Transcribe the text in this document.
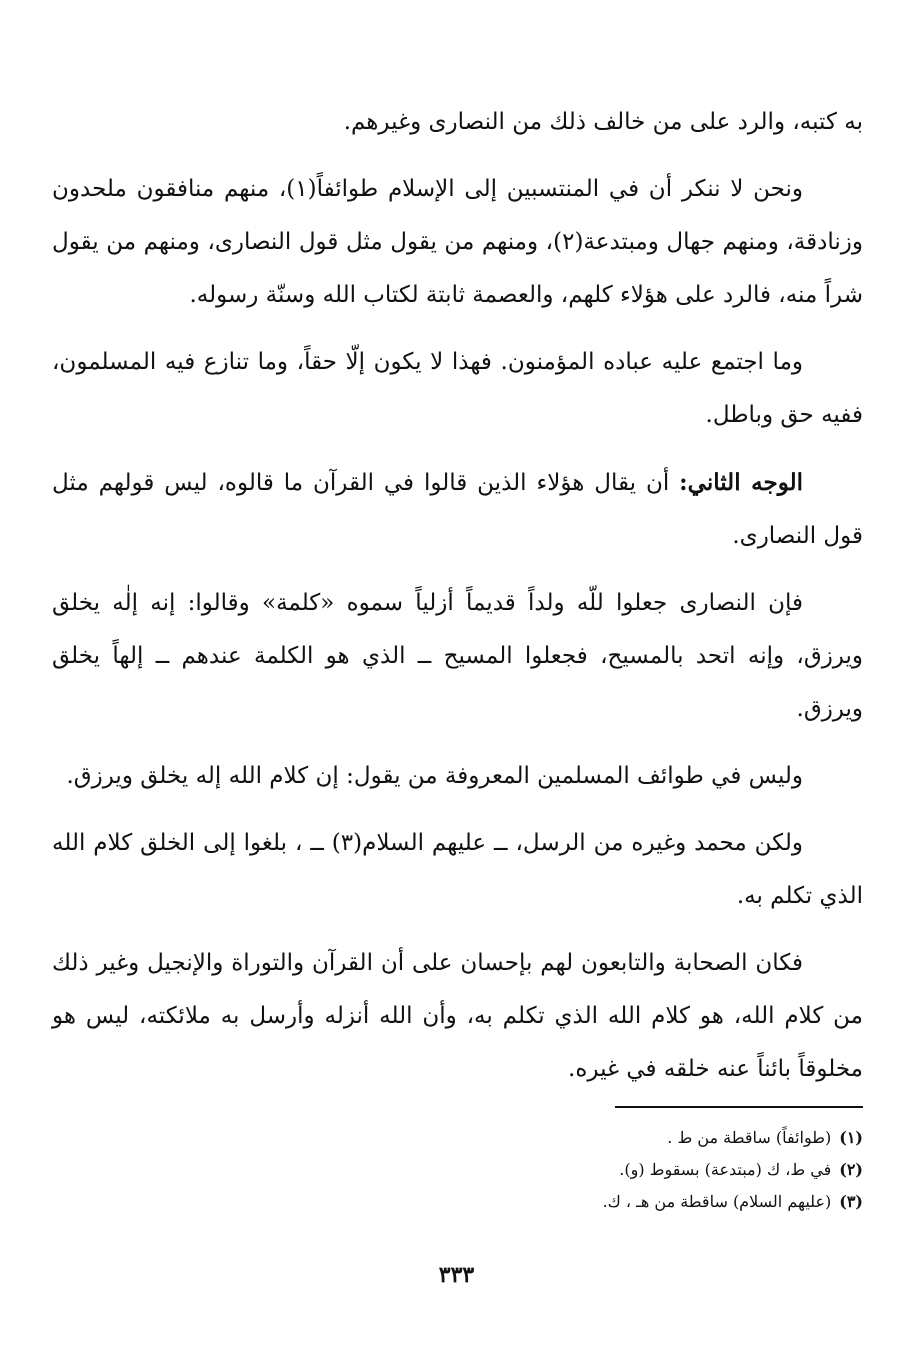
به كتبه، والرد على من خالف ذلك من النصارى وغيرهم.

ونحن لا ننكر أن في المنتسبين إلى الإسلام طوائفاً(١)، منهم منافقون ملحدون وزنادقة، ومنهم جهال ومبتدعة(٢)، ومنهم من يقول مثل قول النصارى، ومنهم من يقول شراً منه، فالرد على هؤلاء كلهم، والعصمة ثابتة لكتاب الله وسنّة رسوله.

وما اجتمع عليه عباده المؤمنون. فهذا لا يكون إلّا حقاً، وما تنازع فيه المسلمون، ففيه حق وباطل.

الوجه الثاني: أن يقال هؤلاء الذين قالوا في القرآن ما قالوه، ليس قولهم مثل قول النصارى.

فإن النصارى جعلوا للّه ولداً قديماً أزلياً سموه «كلمة» وقالوا: إنه إلٰه يخلق ويرزق، وإنه اتحد بالمسيح، فجعلوا المسيح ــ الذي هو الكلمة عندهم ــ إلهاً يخلق ويرزق.

وليس في طوائف المسلمين المعروفة من يقول: إن كلام الله إله يخلق ويرزق.

ولكن محمد وغيره من الرسل، ــ عليهم السلام(٣) ــ ، بلغوا إلى الخلق كلام الله الذي تكلم به.

فكان الصحابة والتابعون لهم بإحسان على أن القرآن والتوراة والإنجيل وغير ذلك من كلام الله، هو كلام الله الذي تكلم به، وأن الله أنزله وأرسل به ملائكته، ليس هو مخلوقاً بائناً عنه خلقه في غيره.

(١)(طوائفاً) ساقطة من ط .

(٢)في ط، ك (مبتدعة) بسقوط (و).

(٣)(عليهم السلام) ساقطة من هـ ، ك.

٣٣٣
